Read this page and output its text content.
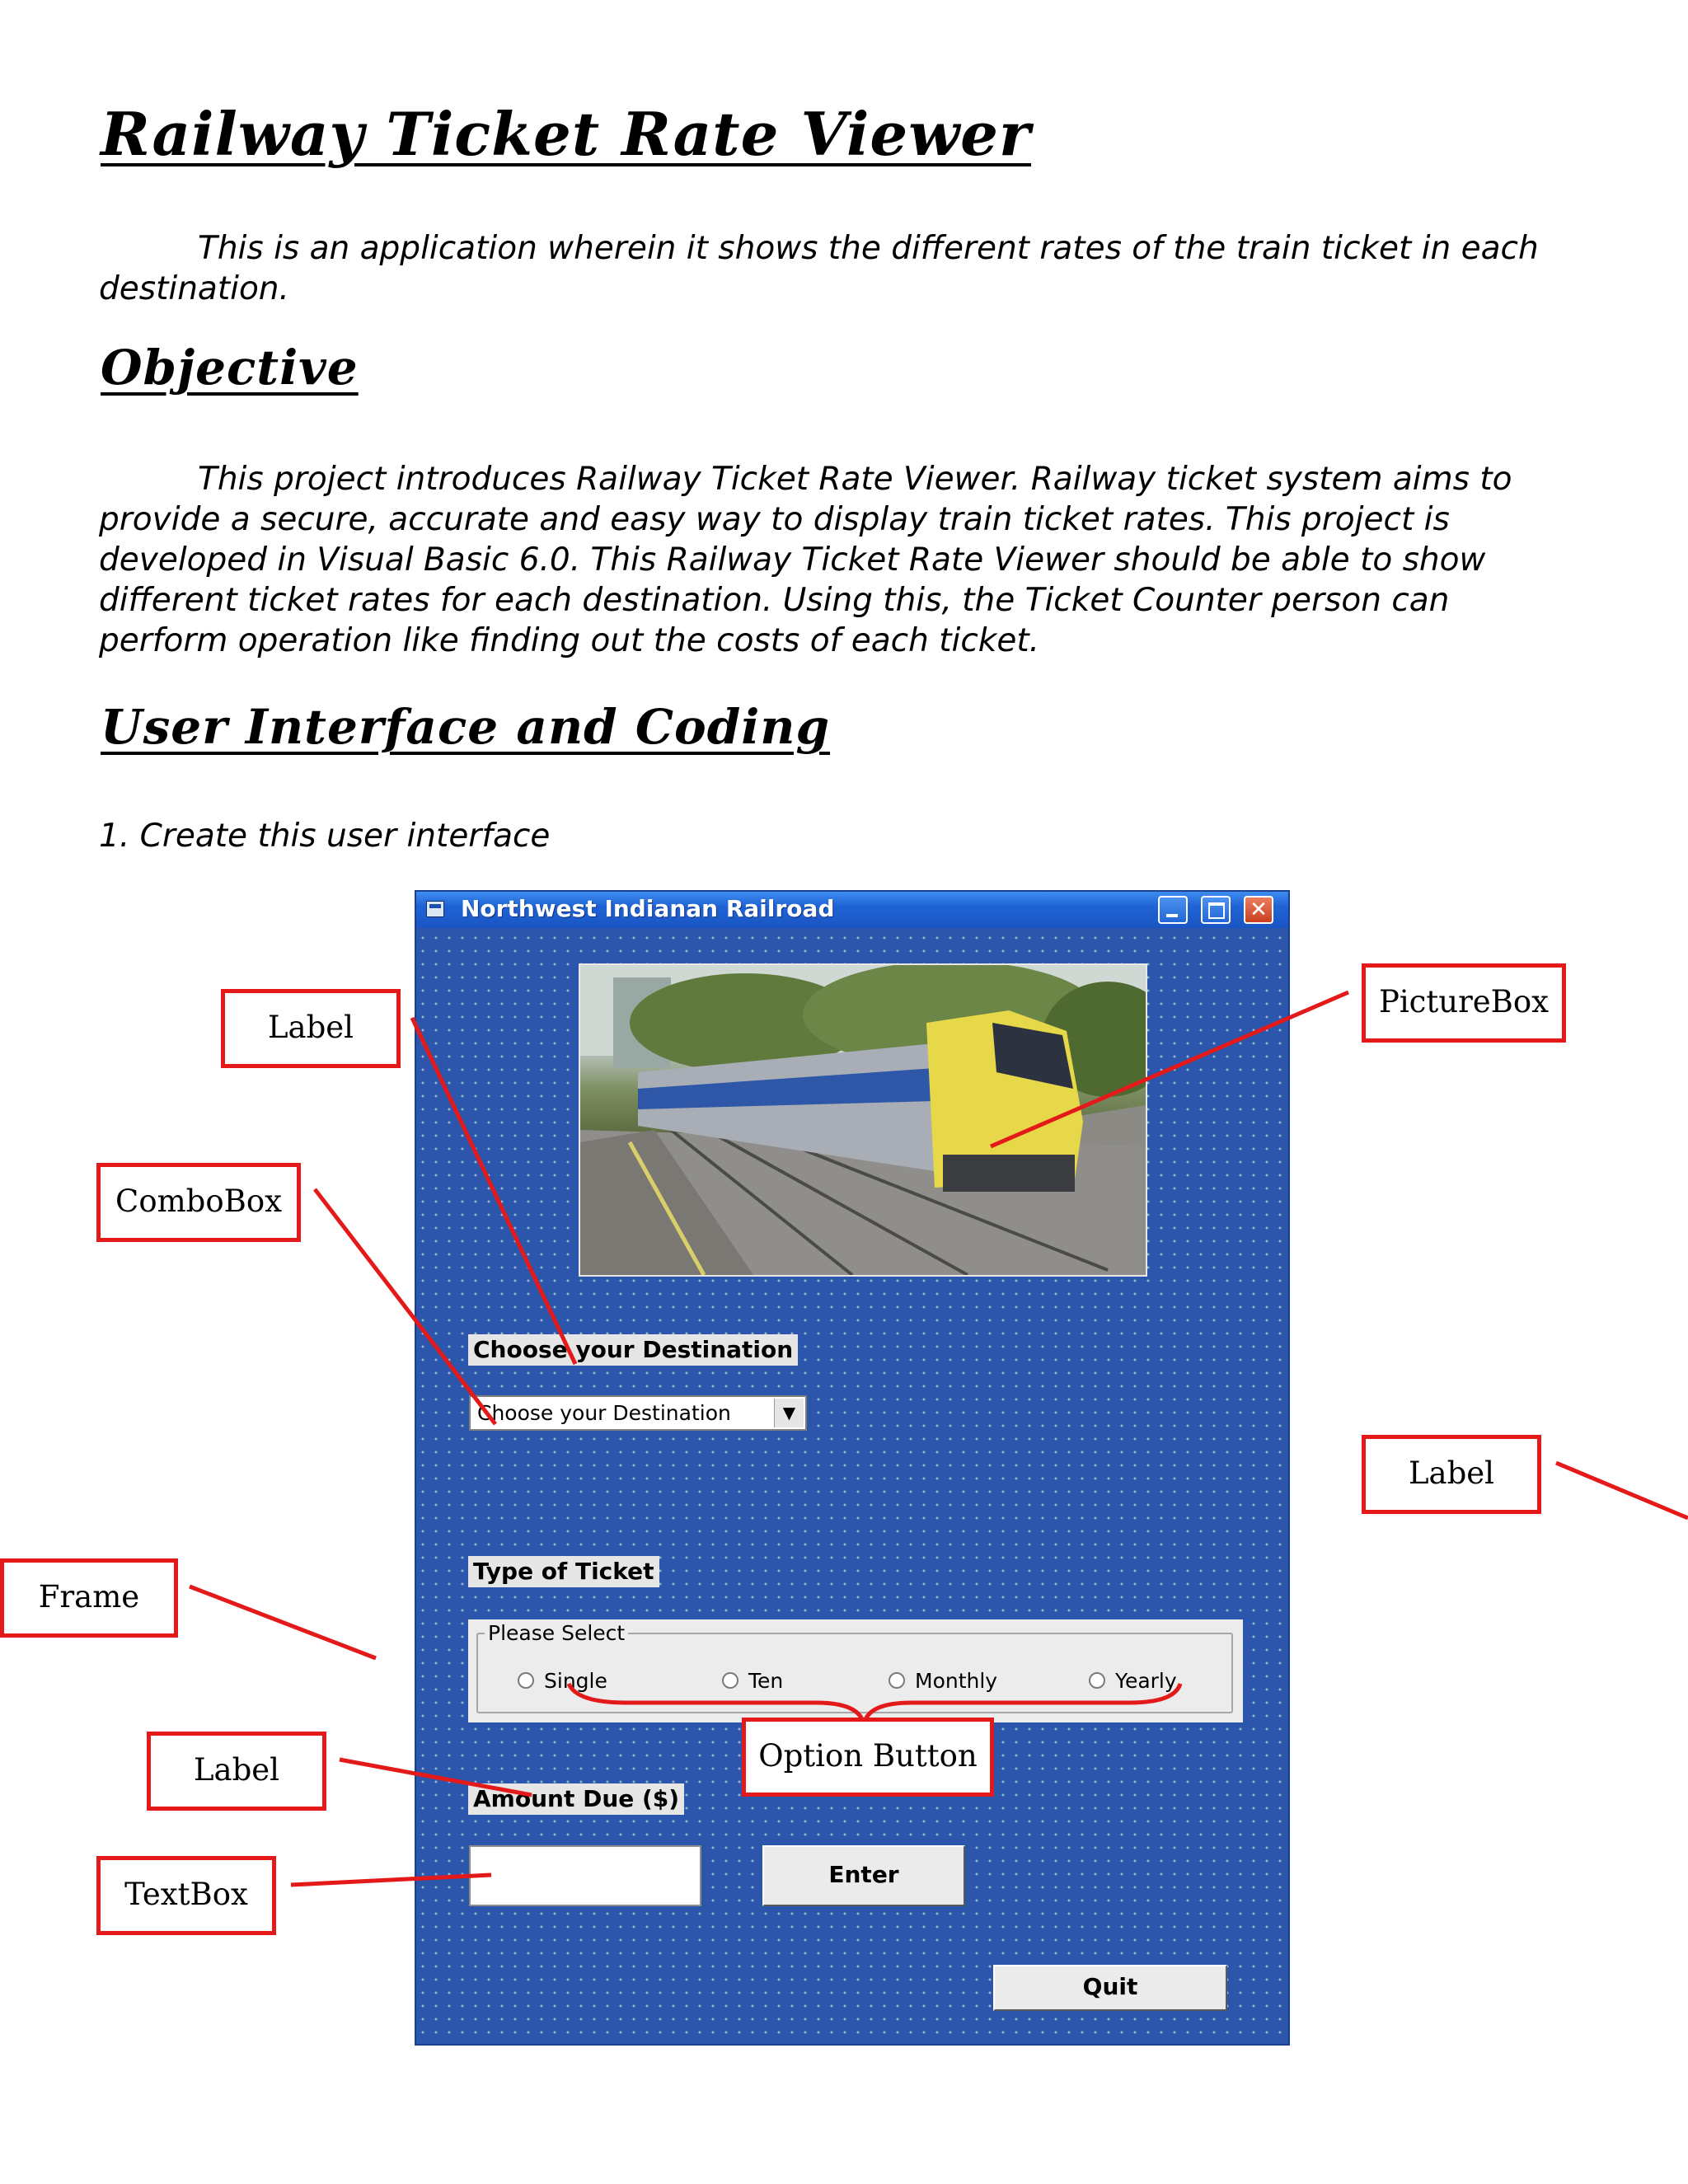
Railway Ticket Rate Viewer

This is an application wherein it shows the different rates of the train ticket in each destination.

Objective

This project introduces Railway Ticket Rate Viewer. Railway ticket system aims to provide a secure, accurate and easy way to display train ticket rates. This project is developed in Visual Basic 6.0. This Railway Ticket Rate Viewer should be able to show different ticket rates for each destination. Using this, the Ticket Counter person can perform operation like finding out the costs of each ticket.

User Interface and Coding

1. Create this user interface

Northwest Indianan Railroad	✕
Choose your Destination
Choose your Destination	▼
Type of Ticket
Please Select
Single	Ten	Monthly	Yearly
Amount Due ($)
Enter
Quit
Label
ComboBox
Frame
Label
TextBox
PictureBox
Label
Option Button
